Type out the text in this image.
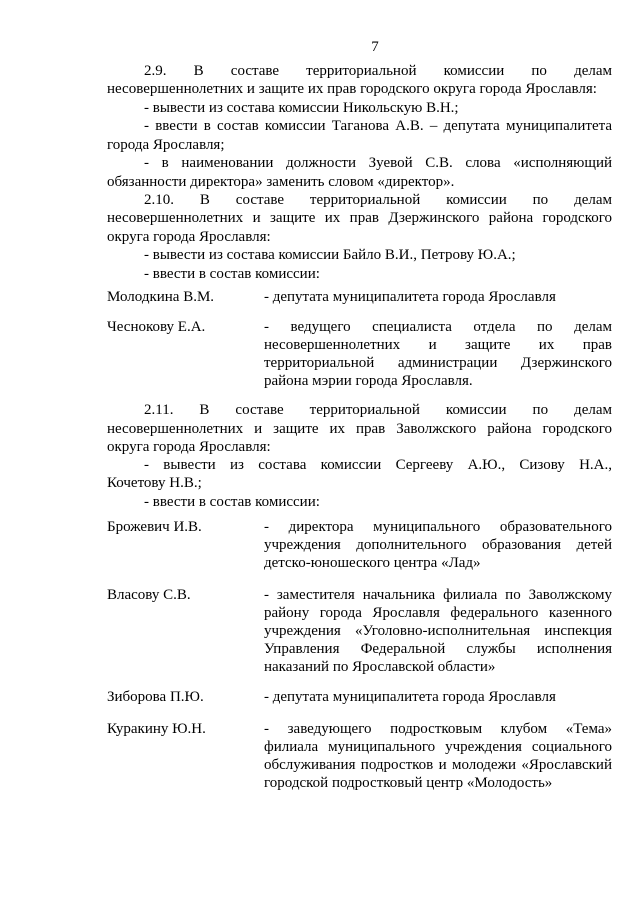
7
2.9. В составе территориальной комиссии по делам
несовершеннолетних и защите их прав городского округа города Ярославля:
- вывести из состава комиссии Никольскую В.Н.;
- ввести в состав комиссии Таганова А.В. – депутата муниципалитета
города Ярославля;
- в наименовании должности Зуевой С.В. слова «исполняющий
обязанности директора» заменить словом «директор».
2.10. В составе территориальной комиссии по делам
несовершеннолетних и защите их прав Дзержинского района городского
округа города Ярославля:
- вывести из состава комиссии Байло В.И., Петрову Ю.А.;
- ввести в состав комиссии:
Молодкина В.М.	- депутата муниципалитета города Ярославля
Чеснокову Е.А.	- ведущего специалиста отдела по делам
несовершеннолетних и защите их прав
территориальной администрации Дзержинского
района мэрии города Ярославля.
2.11. В составе территориальной комиссии по делам
несовершеннолетних и защите их прав Заволжского района городского
округа города Ярославля:
- вывести из состава комиссии Сергееву А.Ю., Сизову Н.А.,
Кочетову Н.В.;
- ввести в состав комиссии:
Брожевич И.В.	- директора муниципального образовательного
учреждения дополнительного образования детей
детско-юношеского центра «Лад»
Власову С.В.	- заместителя начальника филиала по Заволжскому
району города Ярославля федерального казенного
учреждения «Уголовно-исполнительная инспекция
Управления Федеральной службы исполнения
наказаний по Ярославской области»
Зиборова П.Ю.	- депутата муниципалитета города Ярославля
Куракину Ю.Н.	- заведующего подростковым клубом «Тема»
филиала муниципального учреждения социального
обслуживания подростков и молодежи «Ярославский
городской подростковый центр «Молодость»
